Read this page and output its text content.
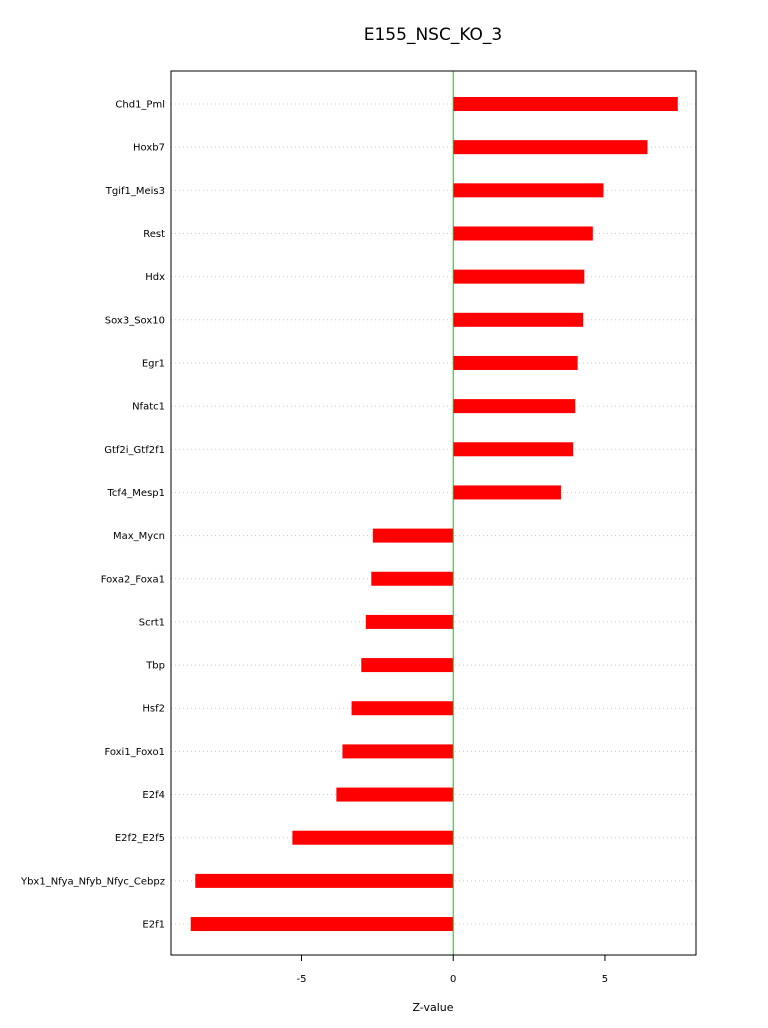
E155_NSC_KO_3
Chd1_Pml
Hoxb7
Tgif1_Meis3
Rest
Hdx
Sox3_Sox10
Egr1
Nfatc1
Gtf2i_Gtf2f1
Tcf4_Mesp1
Max_Mycn
Foxa2_Foxa1
Scrt1
Tbp
Hsf2
Foxi1_Foxo1
E2f4
E2f2_E2f5
Ybx1_Nfya_Nfyb_Nfyc_Cebpz
E2f1
-5	0	5
Z-value
